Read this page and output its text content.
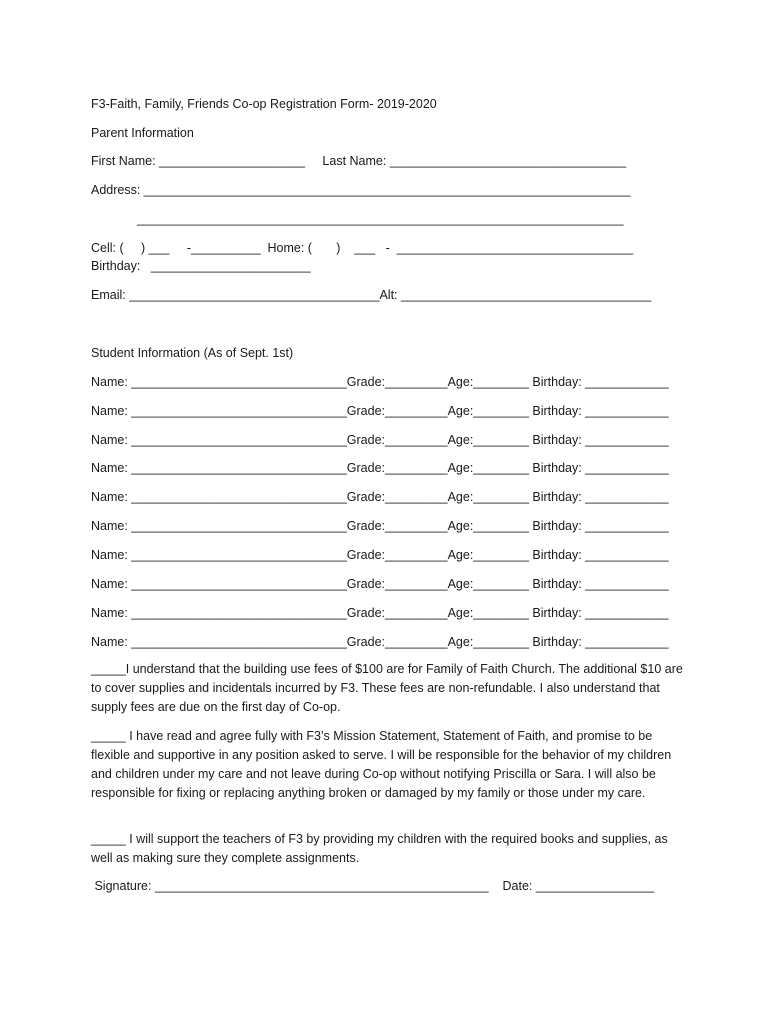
F3-Faith, Family, Friends Co-op Registration Form- 2019-2020
Parent Information
First Name: _____________________     Last Name: __________________________________
Address: ______________________________________________________________________
______________________________________________________________________
Cell: (     ) ___     -__________  Home: (       )    ___   -  __________________________________
Birthday:   _______________________
Email: ____________________________________Alt: ____________________________________
Student Information (As of Sept. 1st)
Name: _______________________________Grade:_________Age:________ Birthday: ____________
Name: _______________________________Grade:_________Age:________ Birthday: ____________
Name: _______________________________Grade:_________Age:________ Birthday: ____________
Name: _______________________________Grade:_________Age:________ Birthday: ____________
Name: _______________________________Grade:_________Age:________ Birthday: ____________
Name: _______________________________Grade:_________Age:________ Birthday: ____________
Name: _______________________________Grade:_________Age:________ Birthday: ____________
Name: _______________________________Grade:_________Age:________ Birthday: ____________
Name: _______________________________Grade:_________Age:________ Birthday: ____________
Name: _______________________________Grade:_________Age:________ Birthday: ____________
_____I understand that the building use fees of $100 are for Family of Faith Church. The additional $10 are to cover supplies and incidentals incurred by F3. These fees are non-refundable. I also understand that supply fees are due on the first day of Co-op.
_____ I have read and agree fully with F3’s Mission Statement, Statement of Faith, and promise to be flexible and supportive in any position asked to serve. I will be responsible for the behavior of my children and children under my care and not leave during Co-op without notifying Priscilla or Sara. I will also be responsible for fixing or replacing anything broken or damaged by my family or those under my care.
_____ I will support the teachers of F3 by providing my children with the required books and supplies, as well as making sure they complete assignments.
Signature: ________________________________________________    Date: _________________
